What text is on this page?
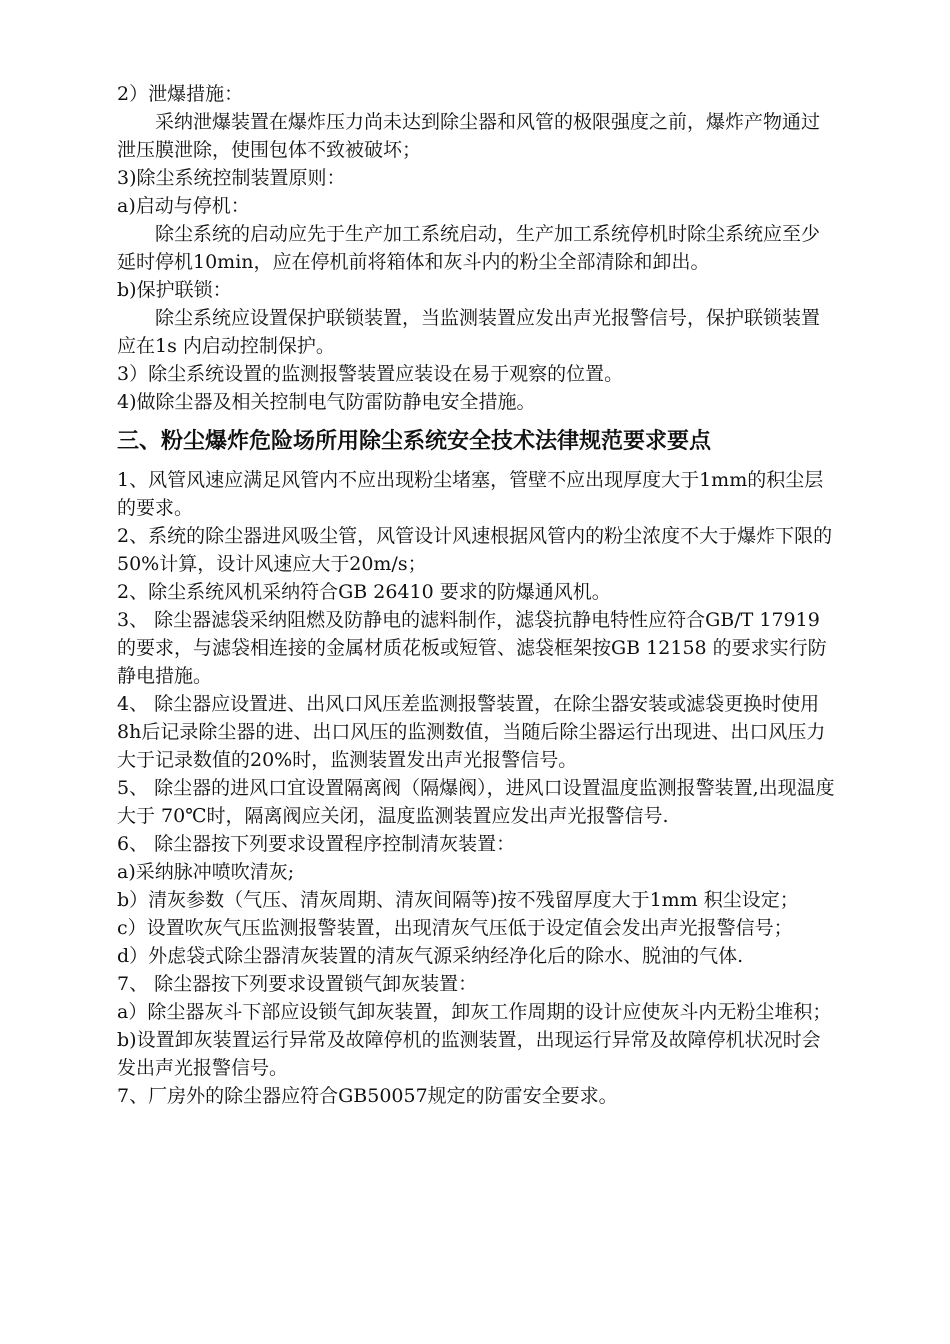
2）泄爆措施：

采纳泄爆装置在爆炸压力尚未达到除尘器和风管的极限强度之前，爆炸产物通过泄压膜泄除，使围包体不致被破坏；

3)除尘系统控制装置原则：

a)启动与停机：

除尘系统的启动应先于生产加工系统启动，生产加工系统停机时除尘系统应至少延时停机10min，应在停机前将箱体和灰斗内的粉尘全部清除和卸出。

b)保护联锁：

除尘系统应设置保护联锁装置，当监测装置应发出声光报警信号，保护联锁装置应在1s 内启动控制保护。

3）除尘系统设置的监测报警装置应装设在易于观察的位置。

4)做除尘器及相关控制电气防雷防静电安全措施。

三、粉尘爆炸危险场所用除尘系统安全技术法律规范要求要点

1、风管风速应满足风管内不应出现粉尘堵塞，管壁不应出现厚度大于1mm的积尘层的要求。

2、系统的除尘器进风吸尘管，风管设计风速根据风管内的粉尘浓度不大于爆炸下限的50%计算，设计风速应大于20m/s；

2、除尘系统风机采纳符合GB 26410 要求的防爆通风机。

3、 除尘器滤袋采纳阻燃及防静电的滤料制作，滤袋抗静电特性应符合GB/T 17919 的要求，与滤袋相连接的金属材质花板或短管、滤袋框架按GB 12158 的要求实行防静电措施。

4、 除尘器应设置进、出风口风压差监测报警装置，在除尘器安装或滤袋更换时使用8h后记录除尘器的进、出口风压的监测数值，当随后除尘器运行出现进、出口风压力大于记录数值的20%时，监测装置发出声光报警信号。

5、 除尘器的进风口宜设置隔离阀（隔爆阀），进风口设置温度监测报警装置,出现温度大于 70℃时，隔离阀应关闭，温度监测装置应发出声光报警信号.

6、 除尘器按下列要求设置程序控制清灰装置：

a)采纳脉冲喷吹清灰;

b）清灰参数（气压、清灰周期、清灰间隔等)按不残留厚度大于1mm 积尘设定；

c）设置吹灰气压监测报警装置，出现清灰气压低于设定值会发出声光报警信号；

d）外虑袋式除尘器清灰装置的清灰气源采纳经净化后的除水、脱油的气体.

7、 除尘器按下列要求设置锁气卸灰装置：

a）除尘器灰斗下部应设锁气卸灰装置，卸灰工作周期的设计应使灰斗内无粉尘堆积；

b)设置卸灰装置运行异常及故障停机的监测装置，出现运行异常及故障停机状况时会发出声光报警信号。

7、厂房外的除尘器应符合GB50057规定的防雷安全要求。
